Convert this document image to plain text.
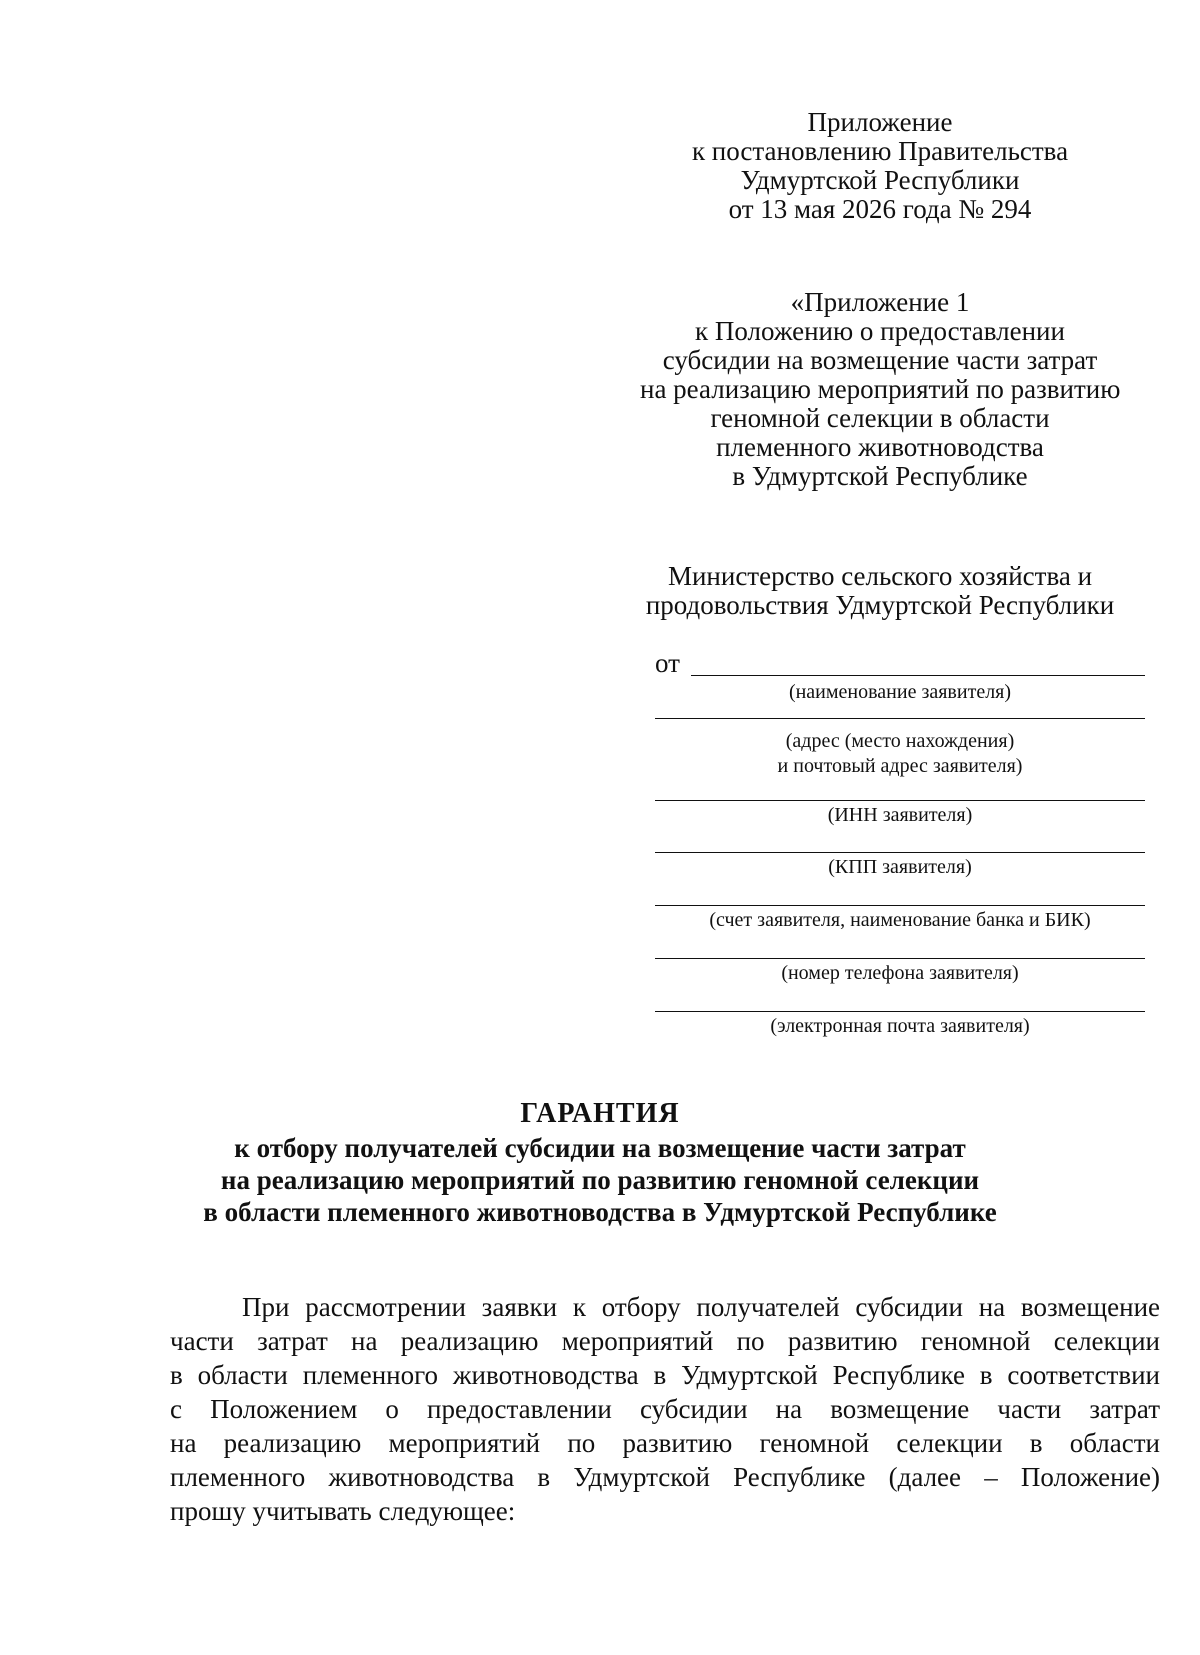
Приложение
к постановлению Правительства
Удмуртской Республики
от 13 мая 2026 года № 294
«Приложение 1
к Положению о предоставлении
субсидии на возмещение части затрат
на реализацию мероприятий по развитию
геномной селекции в области
племенного животноводства
в Удмуртской Республике
Министерство сельского хозяйства и
продовольствия Удмуртской Республики
от
(наименование заявителя)
(адрес (место нахождения)
и почтовый адрес заявителя)
(ИНН заявителя)
(КПП заявителя)
(счет заявителя, наименование банка и БИК)
(номер телефона заявителя)
(электронная почта заявителя)
ГАРАНТИЯ
к отбору получателей субсидии на возмещение части затрат
на реализацию мероприятий по развитию геномной селекции
в области племенного животноводства в Удмуртской Республике
При рассмотрении заявки к отбору получателей субсидии на возмещение
части затрат на реализацию мероприятий по развитию геномной селекции
в области племенного животноводства в Удмуртской Республике в соответствии
с Положением о предоставлении субсидии на возмещение части затрат
на реализацию мероприятий по развитию геномной селекции в области
племенного животноводства в Удмуртской Республике (далее – Положение)
прошу учитывать следующее:
